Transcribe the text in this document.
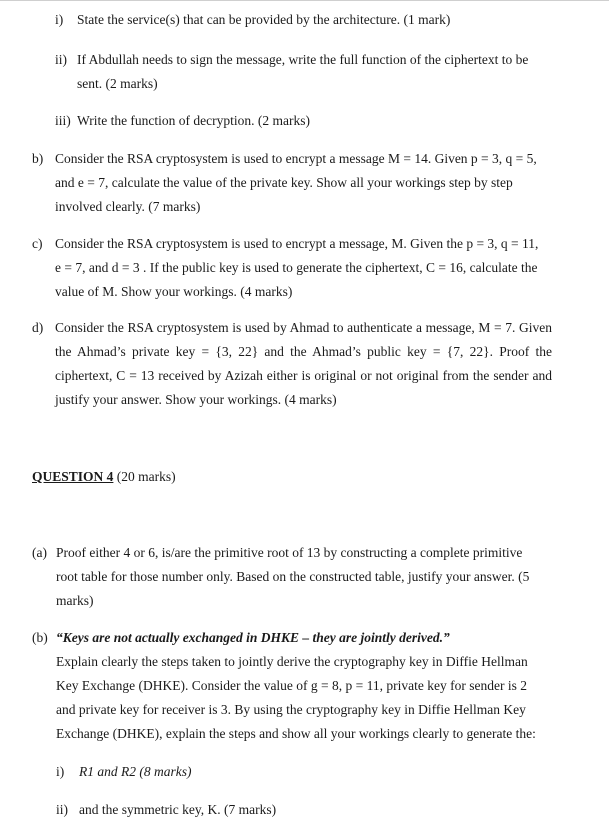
i) State the service(s) that can be provided by the architecture. (1 mark)
ii) If Abdullah needs to sign the message, write the full function of the ciphertext to be
sent. (2 marks)
iii) Write the function of decryption. (2 marks)
b) Consider the RSA cryptosystem is used to encrypt a message M = 14. Given p = 3, q = 5,
and e = 7, calculate the value of the private key. Show all your workings step by step
involved clearly. (7 marks)
c) Consider the RSA cryptosystem is used to encrypt a message, M. Given the p = 3, q = 11,
e = 7, and d = 3 . If the public key is used to generate the ciphertext, C = 16, calculate the
value of M. Show your workings. (4 marks)
d) Consider the RSA cryptosystem is used by Ahmad to authenticate a message, M = 7. Given
the Ahmad’s private key = {3, 22} and the Ahmad’s public key = {7, 22}. Proof the
ciphertext, C = 13 received by Azizah either is original or not original from the sender and
justify your answer. Show your workings. (4 marks)
QUESTION 4 (20 marks)
(a) Proof either 4 or 6, is/are the primitive root of 13 by constructing a complete primitive
root table for those number only. Based on the constructed table, justify your answer. (5
marks)
(b) “Keys are not actually exchanged in DHKE – they are jointly derived.”
Explain clearly the steps taken to jointly derive the cryptography key in Diffie Hellman
Key Exchange (DHKE). Consider the value of g = 8, p = 11, private key for sender is 2
and private key for receiver is 3. By using the cryptography key in Diffie Hellman Key
Exchange (DHKE), explain the steps and show all your workings clearly to generate the:
i) R1 and R2 (8 marks)
ii) and the symmetric key, K. (7 marks)
